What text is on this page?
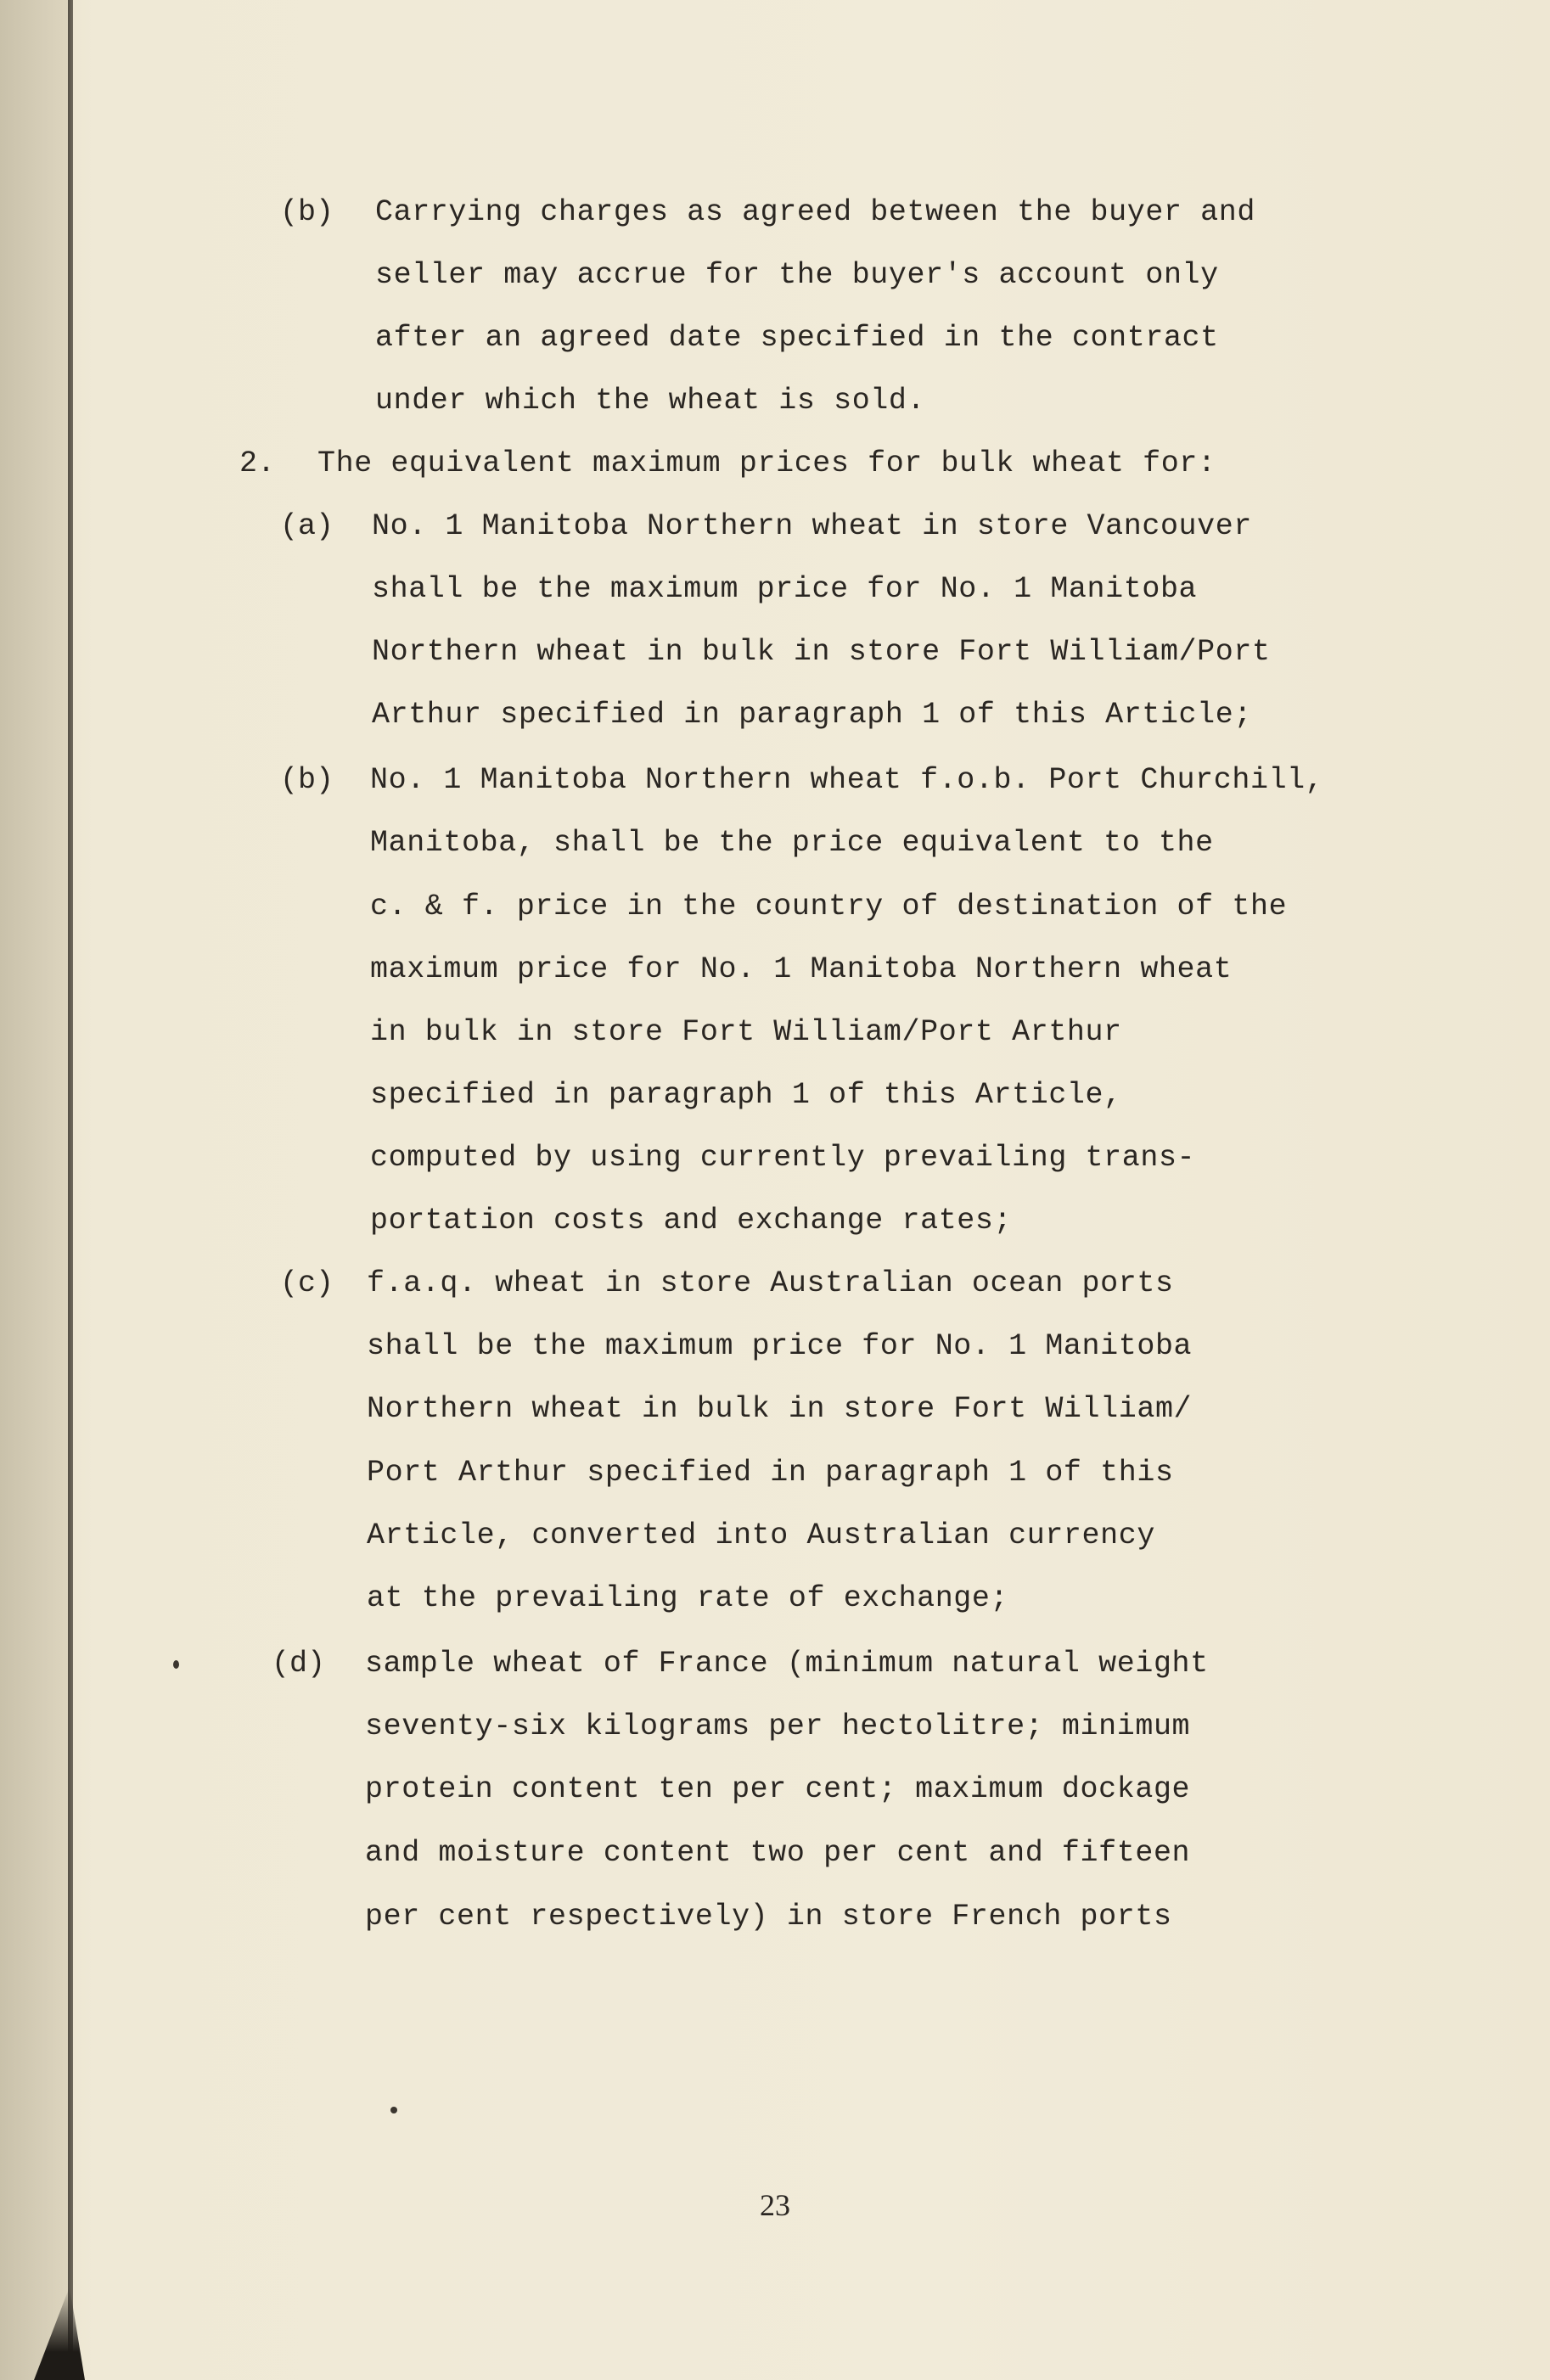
(b) Carrying charges as agreed between the buyer and
seller may accrue for the buyer's account only
after an agreed date specified in the contract
under which the wheat is sold.
2. The equivalent maximum prices for bulk wheat for:
(a) No. 1 Manitoba Northern wheat in store Vancouver
shall be the maximum price for No. 1 Manitoba
Northern wheat in bulk in store Fort William/Port
Arthur specified in paragraph 1 of this Article;
(b) No. 1 Manitoba Northern wheat f.o.b. Port Churchill,
Manitoba, shall be the price equivalent to the
c. & f. price in the country of destination of the
maximum price for No. 1 Manitoba Northern wheat
in bulk in store Fort William/Port Arthur
specified in paragraph 1 of this Article,
computed by using currently prevailing trans-
portation costs and exchange rates;
(c) f.a.q. wheat in store Australian ocean ports
shall be the maximum price for No. 1 Manitoba
Northern wheat in bulk in store Fort William/
Port Arthur specified in paragraph 1 of this
Article, converted into Australian currency
at the prevailing rate of exchange;
(d) sample wheat of France (minimum natural weight
seventy-six kilograms per hectolitre; minimum
protein content ten per cent; maximum dockage
and moisture content two per cent and fifteen
per cent respectively) in store French ports
23
